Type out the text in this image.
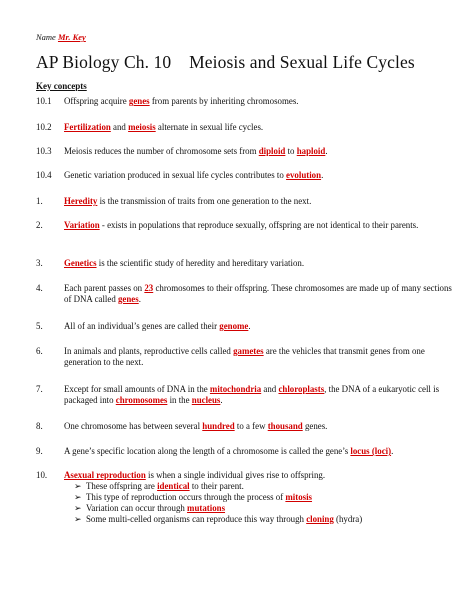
Name Mr. Key
AP Biology Ch. 10    Meiosis and Sexual Life Cycles
Key concepts
10.1	Offspring acquire genes from parents by inheriting chromosomes.
10.2	Fertilization and meiosis alternate in sexual life cycles.
10.3	Meiosis reduces the number of chromosome sets from diploid to haploid.
10.4	Genetic variation produced in sexual life cycles contributes to evolution.
1.	Heredity is the transmission of traits from one generation to the next.
2.	Variation - exists in populations that reproduce sexually, offspring are not identical to their parents.
3.	Genetics is the scientific study of heredity and hereditary variation.
4.	Each parent passes on 23 chromosomes to their offspring. These chromosomes are made up of many sections of DNA called genes.
5.	All of an individual’s genes are called their genome.
6.	In animals and plants, reproductive cells called gametes are the vehicles that transmit genes from one generation to the next.
7.	Except for small amounts of DNA in the mitochondria and chloroplasts, the DNA of a eukaryotic cell is packaged into chromosomes in the nucleus.
8.	One chromosome has between several hundred to a few thousand genes.
9.	A gene’s specific location along the length of a chromosome is called the gene’s locus (loci).
10.	Asexual reproduction is when a single individual gives rise to offspring.
➢ These offspring are identical to their parent.
➢ This type of reproduction occurs through the process of mitosis
➢ Variation can occur through mutations
➢ Some multi-celled organisms can reproduce this way through cloning (hydra)
